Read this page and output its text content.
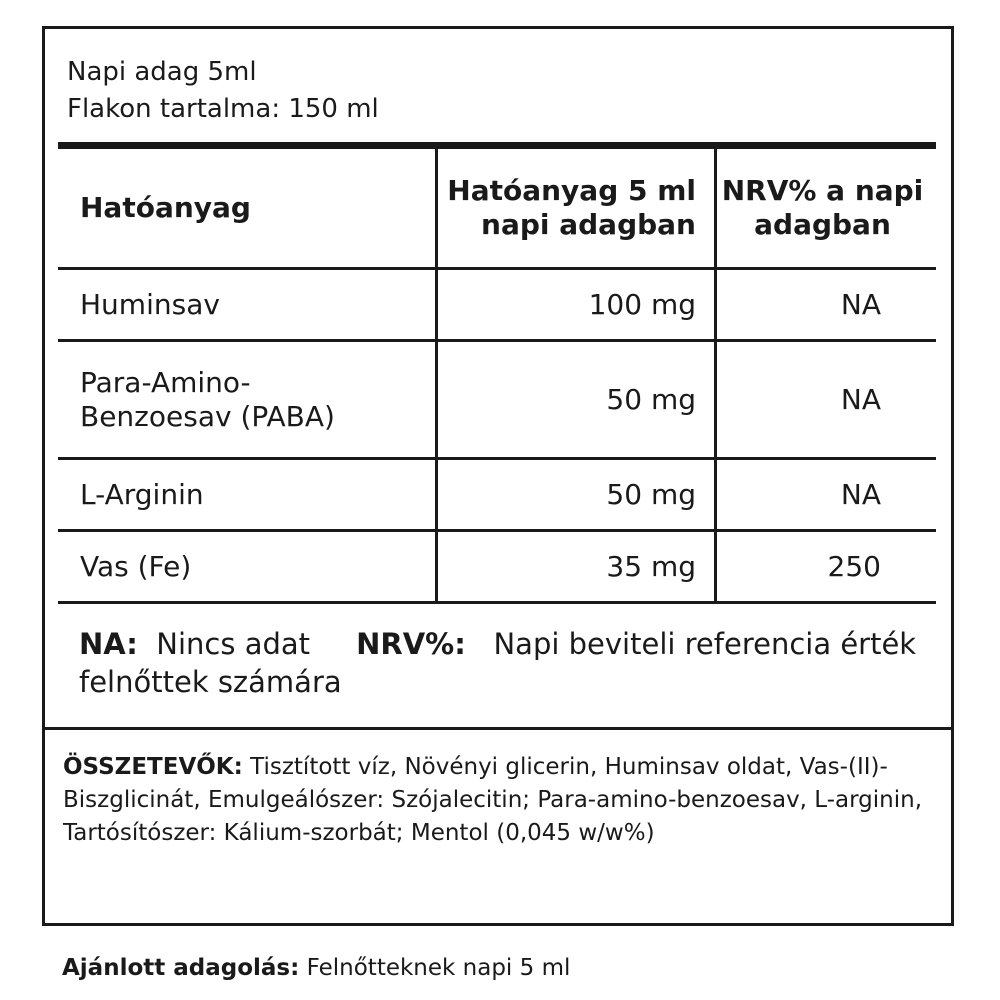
Napi adag 5ml
Flakon tartalma: 150 ml
Hatóanyag	Hatóanyag 5 ml napi adagban	NRV% a napi adagban
Huminsav	100 mg	NA
Para-Amino-Benzoesav (PABA)	50 mg	NA
L-Arginin	50 mg	NA
Vas (Fe)	35 mg	250
NA: Nincs adat NRV%: Napi beviteli referencia érték felnőttek számára
ÖSSZETEVŐK: Tisztított víz, Növényi glicerin, Huminsav oldat, Vas-(II)-Biszglicinát, Emulgeálószer: Szójalecitin; Para-amino-benzoesav, L-arginin, Tartósítószer: Kálium-szorbát; Mentol (0,045 w/w%)
Ajánlott adagolás: Felnőtteknek napi 5 ml
